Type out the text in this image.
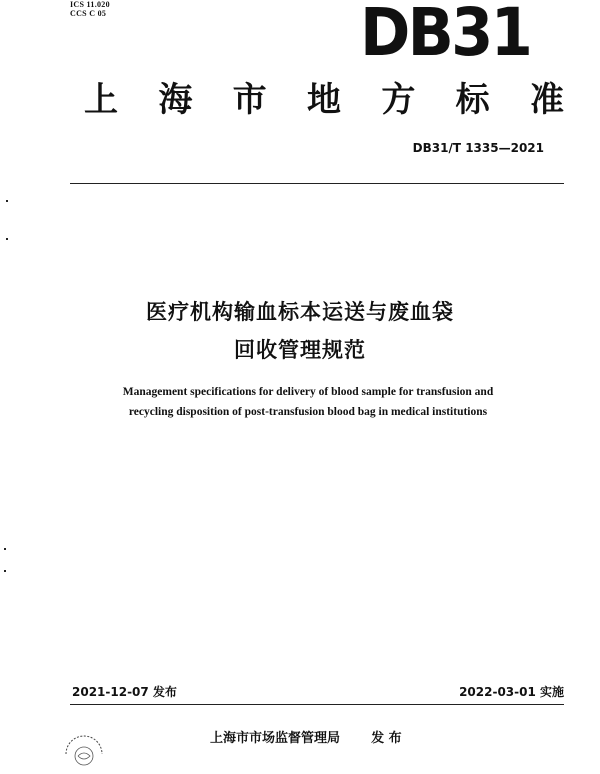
ICS 11.020
CCS C 05	DB31
上 海 市 地 方 标 准
DB31/T 1335—2021
医疗机构输血标本运送与废血袋
回收管理规范
Management specifications for delivery of blood sample for transfusion and
recycling disposition of post-transfusion blood bag in medical institutions
2021-12-07 发布	2022-03-01 实施
上海市市场监督管理局 发 布
